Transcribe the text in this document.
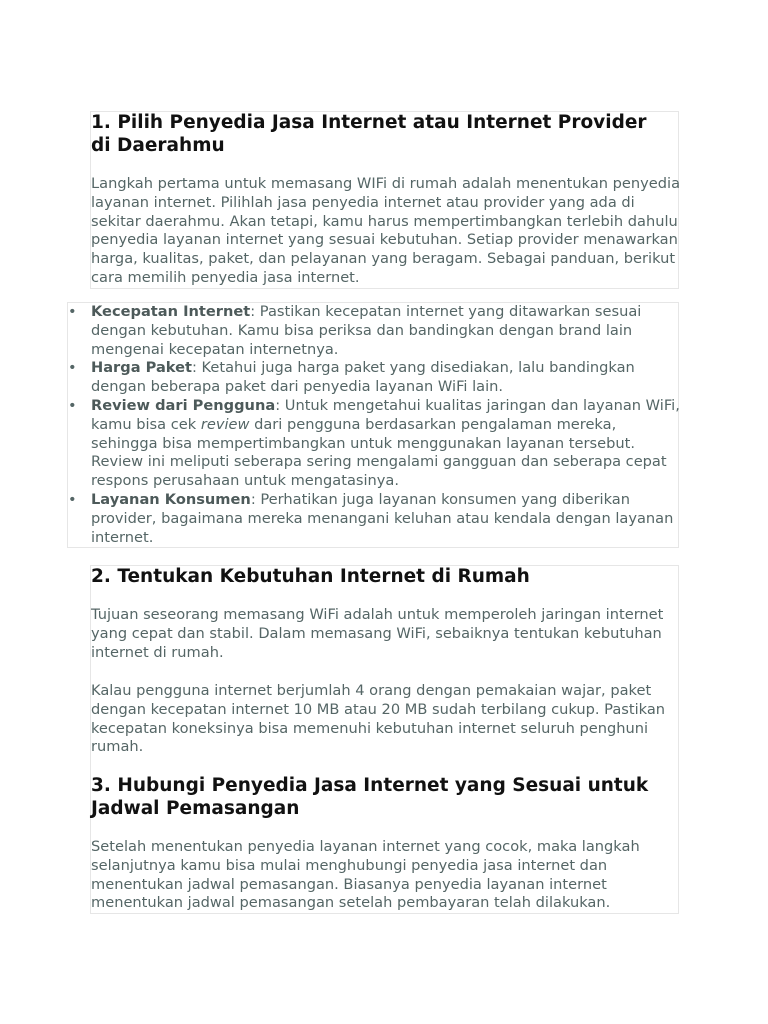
1. Pilih Penyedia Jasa Internet atau Internet Provider di Daerahmu

Langkah pertama untuk memasang WIFi di rumah adalah menentukan penyedia layanan internet. Pilihlah jasa penyedia internet atau provider yang ada di sekitar daerahmu. Akan tetapi, kamu harus mempertimbangkan terlebih dahulu penyedia layanan internet yang sesuai kebutuhan. Setiap provider menawarkan harga, kualitas, paket, dan pelayanan yang beragam. Sebagai panduan, berikut cara memilih penyedia jasa internet.

• Kecepatan Internet: Pastikan kecepatan internet yang ditawarkan sesuai dengan kebutuhan. Kamu bisa periksa dan bandingkan dengan brand lain mengenai kecepatan internetnya.
• Harga Paket: Ketahui juga harga paket yang disediakan, lalu bandingkan dengan beberapa paket dari penyedia layanan WiFi lain.
• Review dari Pengguna: Untuk mengetahui kualitas jaringan dan layanan WiFi, kamu bisa cek review dari pengguna berdasarkan pengalaman mereka, sehingga bisa mempertimbangkan untuk menggunakan layanan tersebut. Review ini meliputi seberapa sering mengalami gangguan dan seberapa cepat respons perusahaan untuk mengatasinya.
• Layanan Konsumen: Perhatikan juga layanan konsumen yang diberikan provider, bagaimana mereka menangani keluhan atau kendala dengan layanan internet.
2. Tentukan Kebutuhan Internet di Rumah

Tujuan seseorang memasang WiFi adalah untuk memperoleh jaringan internet yang cepat dan stabil. Dalam memasang WiFi, sebaiknya tentukan kebutuhan internet di rumah.

Kalau pengguna internet berjumlah 4 orang dengan pemakaian wajar, paket dengan kecepatan internet 10 MB atau 20 MB sudah terbilang cukup. Pastikan kecepatan koneksinya bisa memenuhi kebutuhan internet seluruh penghuni rumah.

3. Hubungi Penyedia Jasa Internet yang Sesuai untuk Jadwal Pemasangan

Setelah menentukan penyedia layanan internet yang cocok, maka langkah selanjutnya kamu bisa mulai menghubungi penyedia jasa internet dan menentukan jadwal pemasangan. Biasanya penyedia layanan internet menentukan jadwal pemasangan setelah pembayaran telah dilakukan.
